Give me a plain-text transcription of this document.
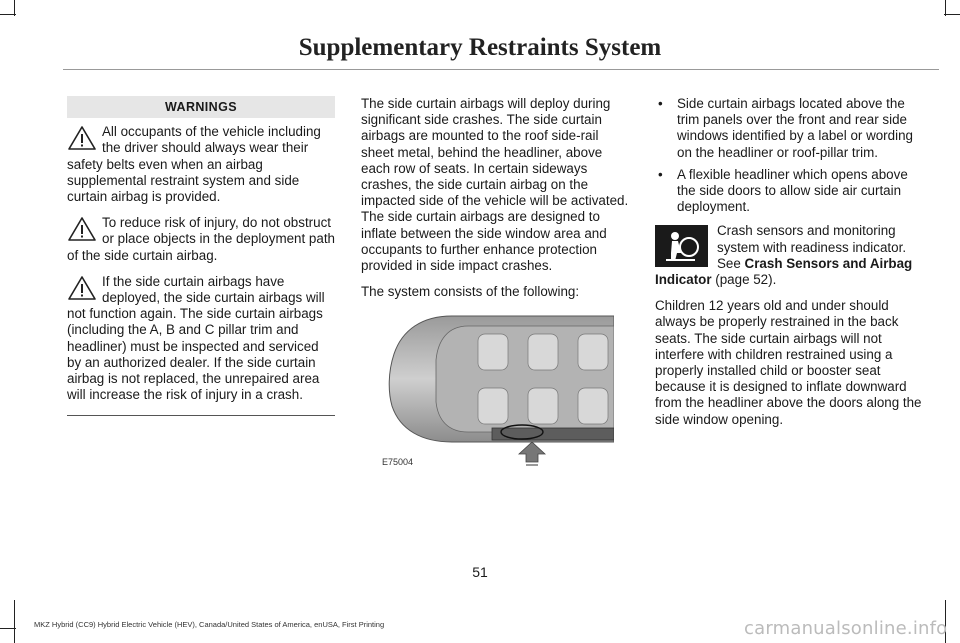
Supplementary Restraints System
WARNINGS

All occupants of the vehicle including the driver should always wear their safety belts even when an airbag supplemental restraint system and side curtain airbag is provided.

To reduce risk of injury, do not obstruct or place objects in the deployment path of the side curtain airbag.

If the side curtain airbags have deployed, the side curtain airbags will not function again. The side curtain airbags (including the A, B and C pillar trim and headliner) must be inspected and serviced by an authorized dealer. If the side curtain airbag is not replaced, the unrepaired area will increase the risk of injury in a crash.

The side curtain airbags will deploy during significant side crashes. The side curtain airbags are mounted to the roof side-rail sheet metal, behind the headliner, above each row of seats. In certain sideways crashes, the side curtain airbag on the impacted side of the vehicle will be activated. The side curtain airbags are designed to inflate between the side window area and occupants to further enhance protection provided in side impact crashes.

The system consists of the following:

E75004
• Side curtain airbags located above the trim panels over the front and rear side windows identified by a label or wording on the headliner or roof-pillar trim.
• A flexible headliner which opens above the side doors to allow side air curtain deployment.
Crash sensors and monitoring system with readiness indicator. See Crash Sensors and Airbag Indicator (page 52).

Children 12 years old and under should always be properly restrained in the back seats. The side curtain airbags will not interfere with children restrained using a properly installed child or booster seat because it is designed to inflate downward from the headliner above the doors along the side window opening.

51
MKZ Hybrid (CC9) Hybrid Electric Vehicle (HEV), Canada/United States of America, enUSA, First Printing	carmanualsonline.info
